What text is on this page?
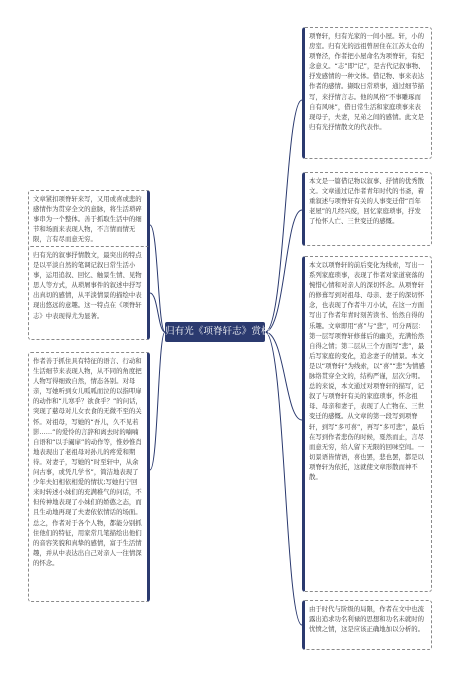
归有光《项脊轩志》赏析
文章紧扣项脊轩来写，又用或喜或悲的感情作为贯穿全文的意脉，将生活琐碎事串为一个整体。善于抓取生活中的细节和场面来表现人物，不言情而情无限，言有尽而意无穷。
归有光的叙事抒情散文，最突出的特点是以平淡自然的笔调记叙日常生活小事，运用追叙、回忆、触景生情、见物思人等方式，从琐屑事件的叙述中抒写出真切的感情，从平淡情景的描绘中表现出悠远的意趣。这一特点在《项脊轩志》中表现得尤为显著。
作者善于抓住具有特征的语言、行动和生活细节来表现人物，从不同的角度把人物写得细致自然，情态各别。对母亲，写她听到女儿呱呱而泣的以指叩扉的动作和“儿寒乎？欲食乎？”的问话，突现了慈母对儿女衣食的无微不至的关怀。对祖母，写她的“吾儿，久不见若影……”的爱怜的言辞和离去时的喃喃自语和“以手阖扉”的动作等，惟妙惟肖地表现出了老祖母对孙儿的疼爱和期待。对妻子，写她的“时至轩中，从余问古事，或凭几学书”，简洁地表现了少年夫妇相依相爱的情状;写她归宁回来时转述小妹们的充满稚气的问话，不但传神地表现了小妹们的娇憨之态，而且生动地再现了夫妻依依情话的场面。总之，作者对于各个人物，都能分别抓住他们的特征，用家常几笔描绘出他们的音容笑貌和真挚的感情，富于生活情趣，并从中表达出自己对亲人一往情深的怀念。
项脊轩，归有光家的一间小屋。轩，小的房室。归有光的远祖曾居住在江苏太仓的项脊泾，作者把小屋命名为项脊轩，有纪念意义。“志”即“记”，是古代记叙事物、抒发感情的一种文体。借记物、事来表达作者的感情。撷取日常琐事，通过细节描写，来抒情言志。他的风格“不事雕琢而自有风味”，借日常生活和家庭琐事来表现母子，夫妻，兄弟之间的感情。此文是归有光抒情散文的代表作。
本文是一篇借记物以叙事、抒情的优秀散文。文章通过记作者青年时代的书斋，着重叙述与项脊轩有关的人事变迁借“百年老屋”的几经兴废，回忆家庭琐事，抒发了怆怀人亡、三世变迁的感慨。
本文以项脊轩的前后变化为线索，写出一系列家庭琐事，表现了作者对家道衰落的惋惜心情和对亲人的深切怀念。从项脊轩的修葺写到对祖母、母亲、妻子的深切怀念，也表现了作者牛刀小试，在这一方面写出了作者年青时刻苦读书、怡然自得的乐趣。文章即用“喜”与“悲”，可分两层：第一层写项脊轩修葺后的幽美，充满怡然自得之情；第二层从三个方面写“悲”，最后写家庭的变化，追念妻子的情景。本文是以“项脊轩”为线索，以“喜”“悲”为情感脉络贯穿全文的，结构严谨，层次分明。总的来说，本文通过对项脊轩的描写，记叙了与项脊轩有关的家庭琐事，怀念祖母、母亲和妻子，表现了人亡物在、三世变迁的感慨。从文章的第一段写到项脊轩，到写“多可喜”，再写“多可悲”，最后在写到作者悲伤的时候，戛然而止，言尽而意无穷，给人留下无限的回味空间。一切景语皆情语，喜也罢，悲也罢，都是以项脊轩为依托，这就使文章形散而神不散。
由于时代与阶级的局限，作者在文中也流露出追求功名利禄的思想和功名未就时的忧愤之情，这是应该正确地加以分析的。
